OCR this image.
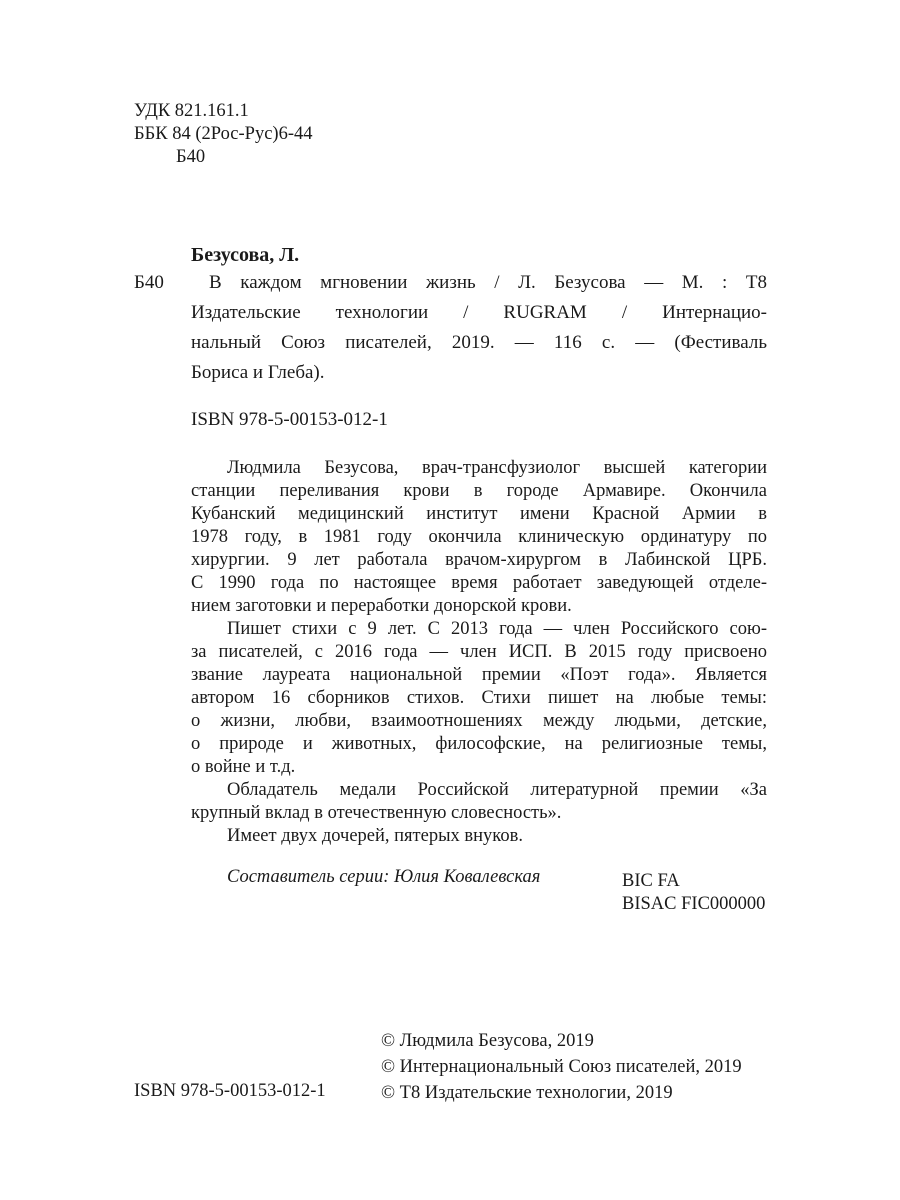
УДК 821.161.1
ББК 84 (2Рос-Рус)6-44
Б40
Безусова, Л.
Б40	В каждом мгновении жизнь / Л. Безусова — М. : Т8
Издательские технологии / RUGRAM / Интернацио-
нальный Союз писателей, 2019. — 116 с. — (Фестиваль
Бориса и Глеба).
ISBN 978-5-00153-012-1
Людмила Безусова, врач-трансфузиолог высшей категории
станции переливания крови в городе Армавире. Окончила
Кубанский медицинский институт имени Красной Армии в
1978 году, в 1981 году окончила клиническую ординатуру по
хирургии. 9 лет работала врачом-хирургом в Лабинской ЦРБ.
С 1990 года по настоящее время работает заведующей отделе-
нием заготовки и переработки донорской крови.
Пишет стихи с 9 лет. С 2013 года — член Российского сою-
за писателей, с 2016 года — член ИСП. В 2015 году присвоено
звание лауреата национальной премии «Поэт года». Является
автором 16 сборников стихов. Стихи пишет на любые темы:
о жизни, любви, взаимоотношениях между людьми, детские,
о природе и животных, философские, на религиозные темы,
о войне и т.д.
Обладатель медали Российской литературной премии «За
крупный вклад в отечественную словесность».
Имеет двух дочерей, пятерых внуков.
Составитель серии: Юлия Ковалевская	BIC FA
BISAC FIC000000
© Людмила Безусова, 2019
© Интернациональный Союз писателей, 2019
© Т8 Издательские технологии, 2019
ISBN 978-5-00153-012-1
